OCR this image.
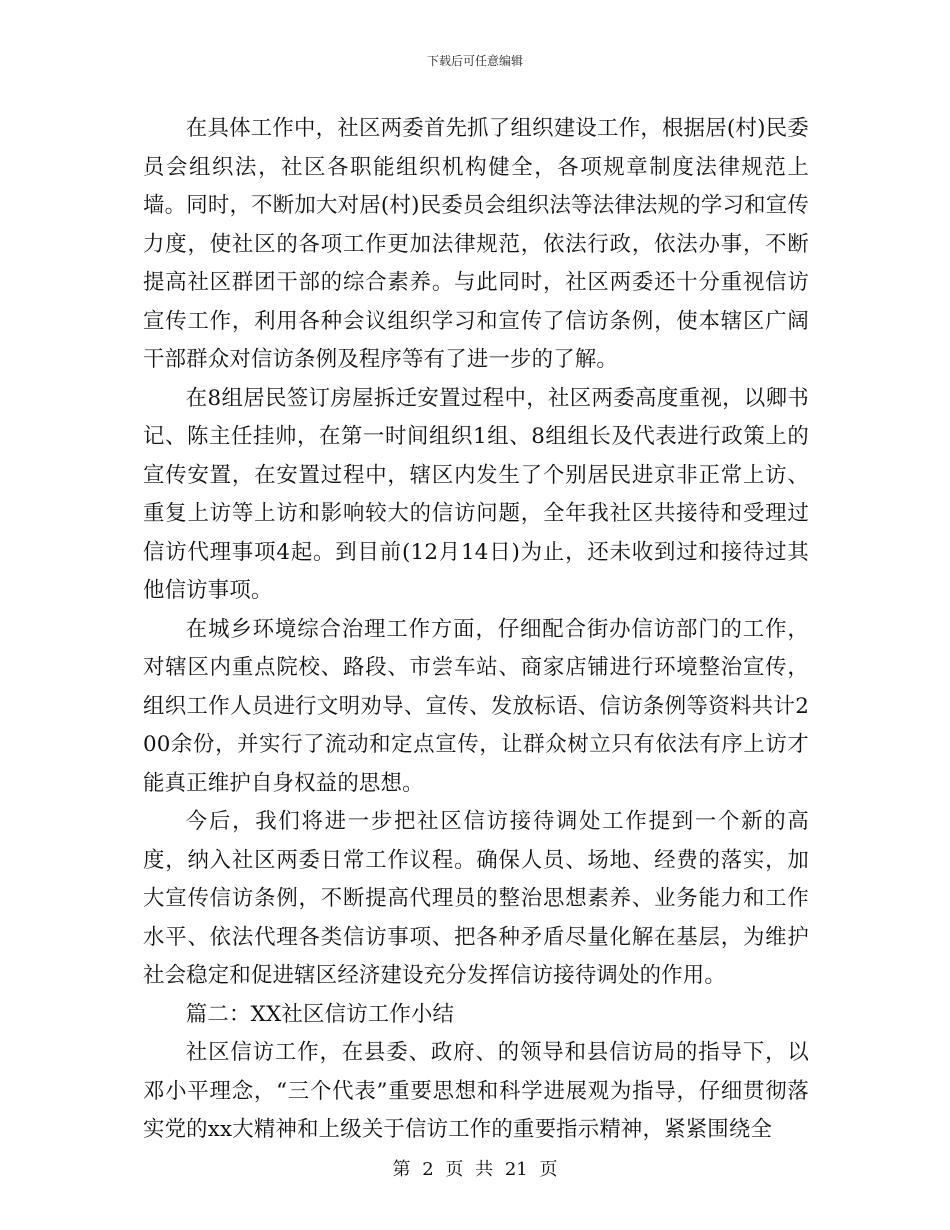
下载后可任意编辑

在具体工作中，社区两委首先抓了组织建设工作，根据居(村)民委员会组织法，社区各职能组织机构健全，各项规章制度法律规范上墙。同时，不断加大对居(村)民委员会组织法等法律法规的学习和宣传力度，使社区的各项工作更加法律规范，依法行政，依法办事，不断提高社区群团干部的综合素养。与此同时，社区两委还十分重视信访宣传工作，利用各种会议组织学习和宣传了信访条例，使本辖区广阔干部群众对信访条例及程序等有了进一步的了解。

在8组居民签订房屋拆迁安置过程中，社区两委高度重视，以卿书记、陈主任挂帅，在第一时间组织1组、8组组长及代表进行政策上的宣传安置，在安置过程中，辖区内发生了个别居民进京非正常上访、重复上访等上访和影响较大的信访问题，全年我社区共接待和受理过信访代理事项4起。到目前(12月14日)为止，还未收到过和接待过其他信访事项。

在城乡环境综合治理工作方面，仔细配合街办信访部门的工作，对辖区内重点院校、路段、市尝车站、商家店铺进行环境整治宣传，组织工作人员进行文明劝导、宣传、发放标语、信访条例等资料共计200余份，并实行了流动和定点宣传，让群众树立只有依法有序上访才能真正维护自身权益的思想。

今后，我们将进一步把社区信访接待调处工作提到一个新的高度，纳入社区两委日常工作议程。确保人员、场地、经费的落实，加大宣传信访条例，不断提高代理员的整治思想素养、业务能力和工作水平、依法代理各类信访事项、把各种矛盾尽量化解在基层，为维护社会稳定和促进辖区经济建设充分发挥信访接待调处的作用。

篇二：XX社区信访工作小结

社区信访工作，在县委、政府、的领导和县信访局的指导下，以邓小平理念，“三个代表”重要思想和科学进展观为指导，仔细贯彻落实党的xx大精神和上级关于信访工作的重要指示精神，紧紧围绕全

第 2 页 共 21 页
